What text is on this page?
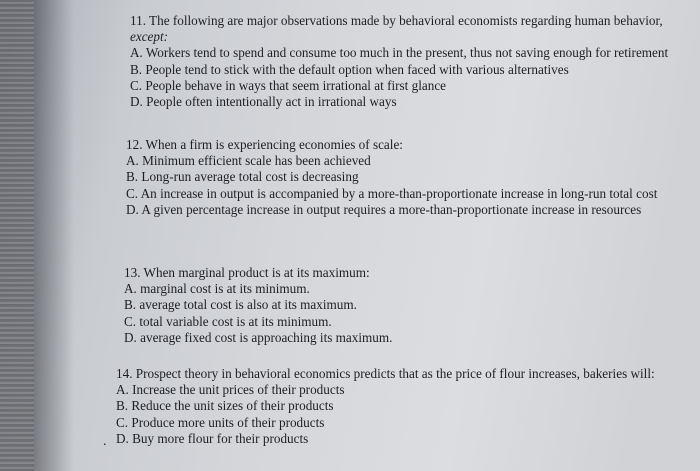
11. The following are major observations made by behavioral economists regarding human behavior, except:
A. Workers tend to spend and consume too much in the present, thus not saving enough for retirement
B. People tend to stick with the default option when faced with various alternatives
C. People behave in ways that seem irrational at first glance
D. People often intentionally act in irrational ways
12. When a firm is experiencing economies of scale:
A. Minimum efficient scale has been achieved
B. Long-run average total cost is decreasing
C. An increase in output is accompanied by a more-than-proportionate increase in long-run total cost
D. A given percentage increase in output requires a more-than-proportionate increase in resources
13. When marginal product is at its maximum:
A. marginal cost is at its minimum.
B. average total cost is also at its maximum.
C. total variable cost is at its minimum.
D. average fixed cost is approaching its maximum.
14. Prospect theory in behavioral economics predicts that as the price of flour increases, bakeries will:
A. Increase the unit prices of their products
B. Reduce the unit sizes of their products
C. Produce more units of their products
D. Buy more flour for their products
.
